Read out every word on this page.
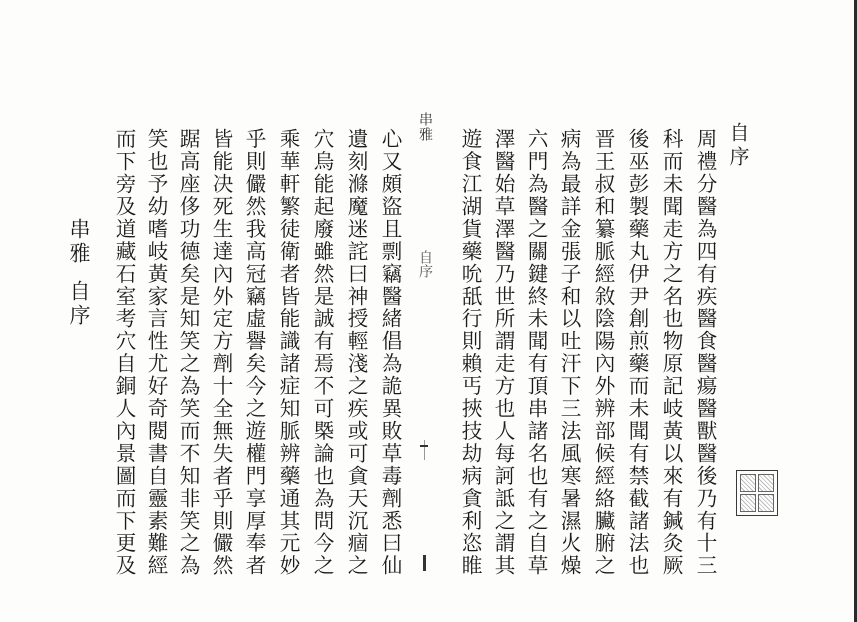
自序
周禮分醫為四有疾醫食醫瘍醫獸醫後乃有十三
科而未聞走方之名也物原記岐黃以來有鍼灸厥
後巫彭製藥丸伊尹創煎藥而未聞有禁截諸法也
晋王叔和纂脈經敘陰陽內外辨部候經絡臟腑之
病為最詳金張子和以吐汗下三法風寒暑濕火燥
六門為醫之關鍵終未聞有頂串諸名也有之自草
澤醫始草澤醫乃世所謂走方也人每訶詆之謂其
遊食江湖貨藥吮舐行則賴丐挾技劫病貪利恣睢
串雅
自序
心又頗盜且剽竊醫緒倡為詭異敗草毒劑悉曰仙
遺刻滌魔迷詫曰神授輕淺之疾或可貪天沉痼之
穴烏能起廢雖然是誠有焉不可槩論也為問今之
乘華軒繁徒衛者皆能識諸症知脈辨藥通其元妙
乎則儼然我高冠竊虛譽矣今之遊權門享厚奉者
皆能决死生達內外定方劑十全無失者乎則儼然
踞高座侈功德矣是知笑之為笑而不知非笑之為
笑也予幼嗜岐黃家言性尤好奇閱書自靈素難經
而下旁及道藏石室考穴自銅人內景圖而下更及
串雅自序
